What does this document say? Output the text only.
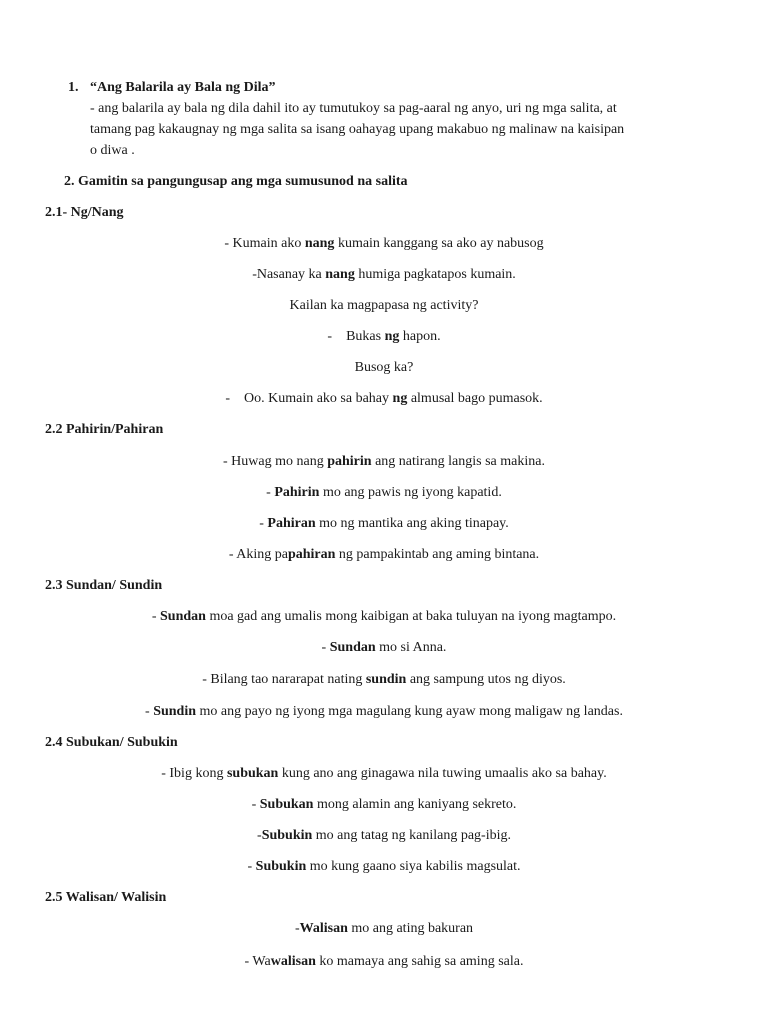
1. “Ang Balarila ay Bala ng Dila”
- ang balarila ay bala ng dila dahil ito ay tumutukoy sa pag-aaral ng anyo, uri ng mga salita, at
tamang pag kakaugnay ng mga salita sa isang oahayag upang makabuo ng malinaw na kaisipan
o diwa .
2. Gamitin sa pangungusap ang mga sumusunod na salita
2.1- Ng/Nang
- Kumain ako nang kumain kanggang sa ako ay nabusog
-Nasanay ka nang humiga pagkatapos kumain.
Kailan ka magpapasa ng activity?
-    Bukas ng hapon.
Busog ka?
-    Oo. Kumain ako sa bahay ng almusal bago pumasok.
2.2 Pahirin/Pahiran
- Huwag mo nang pahirin ang natirang langis sa makina.
- Pahirin mo ang pawis ng iyong kapatid.
- Pahiran mo ng mantika ang aking tinapay.
- Aking papahiran ng pampakintab ang aming bintana.
2.3 Sundan/ Sundin
- Sundan moa gad ang umalis mong kaibigan at baka tuluyan na iyong magtampo.
- Sundan mo si Anna.
- Bilang tao nararapat nating sundin ang sampung utos ng diyos.
- Sundin mo ang payo ng iyong mga magulang kung ayaw mong maligaw ng landas.
2.4 Subukan/ Subukin
- Ibig kong subukan kung ano ang ginagawa nila tuwing umaalis ako sa bahay.
- Subukan mong alamin ang kaniyang sekreto.
-Subukin mo ang tatag ng kanilang pag-ibig.
- Subukin mo kung gaano siya kabilis magsulat.
2.5 Walisan/ Walisin
-Walisan mo ang ating bakuran
- Wawalisan ko mamaya ang sahig sa aming sala.
